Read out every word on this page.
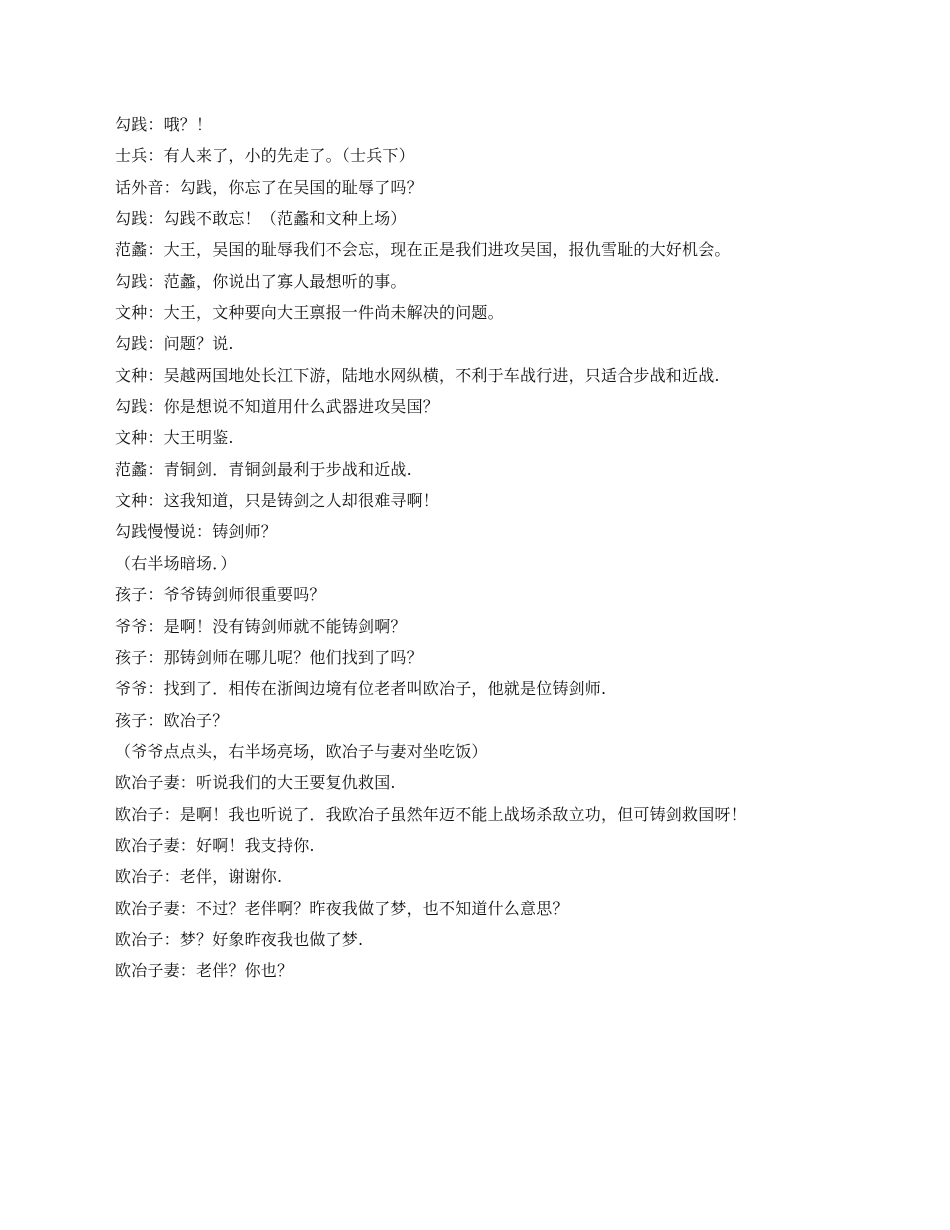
勾践：哦？！
士兵：有人来了，小的先走了。（士兵下）
话外音：勾践，你忘了在吴国的耻辱了吗？
勾践：勾践不敢忘！（范蠡和文种上场）
范蠡：大王，吴国的耻辱我们不会忘，现在正是我们进攻吴国，报仇雪耻的大好机会。
勾践：范蠡，你说出了寡人最想听的事。
文种：大王，文种要向大王禀报一件尚未解决的问题。
勾践：问题？说.
文种：吴越两国地处长江下游，陆地水网纵横，不利于车战行进，只适合步战和近战.
勾践：你是想说不知道用什么武器进攻吴国？
文种：大王明鉴.
范蠡：青铜剑．青铜剑最利于步战和近战.
文种：这我知道，只是铸剑之人却很难寻啊！
勾践慢慢说：铸剑师？
（右半场暗场．）
孩子：爷爷铸剑师很重要吗？
爷爷：是啊！没有铸剑师就不能铸剑啊？
孩子：那铸剑师在哪儿呢？他们找到了吗？
爷爷：找到了．相传在浙闽边境有位老者叫欧冶子，他就是位铸剑师.
孩子：欧冶子？
（爷爷点点头，右半场亮场，欧冶子与妻对坐吃饭）
欧冶子妻：听说我们的大王要复仇救国.
欧冶子：是啊！我也听说了．我欧冶子虽然年迈不能上战场杀敌立功，但可铸剑救国呀！
欧冶子妻：好啊！我支持你.
欧冶子：老伴，谢谢你.
欧冶子妻：不过？老伴啊？昨夜我做了梦，也不知道什么意思？
欧冶子：梦？好象昨夜我也做了梦.
欧冶子妻：老伴？你也？
